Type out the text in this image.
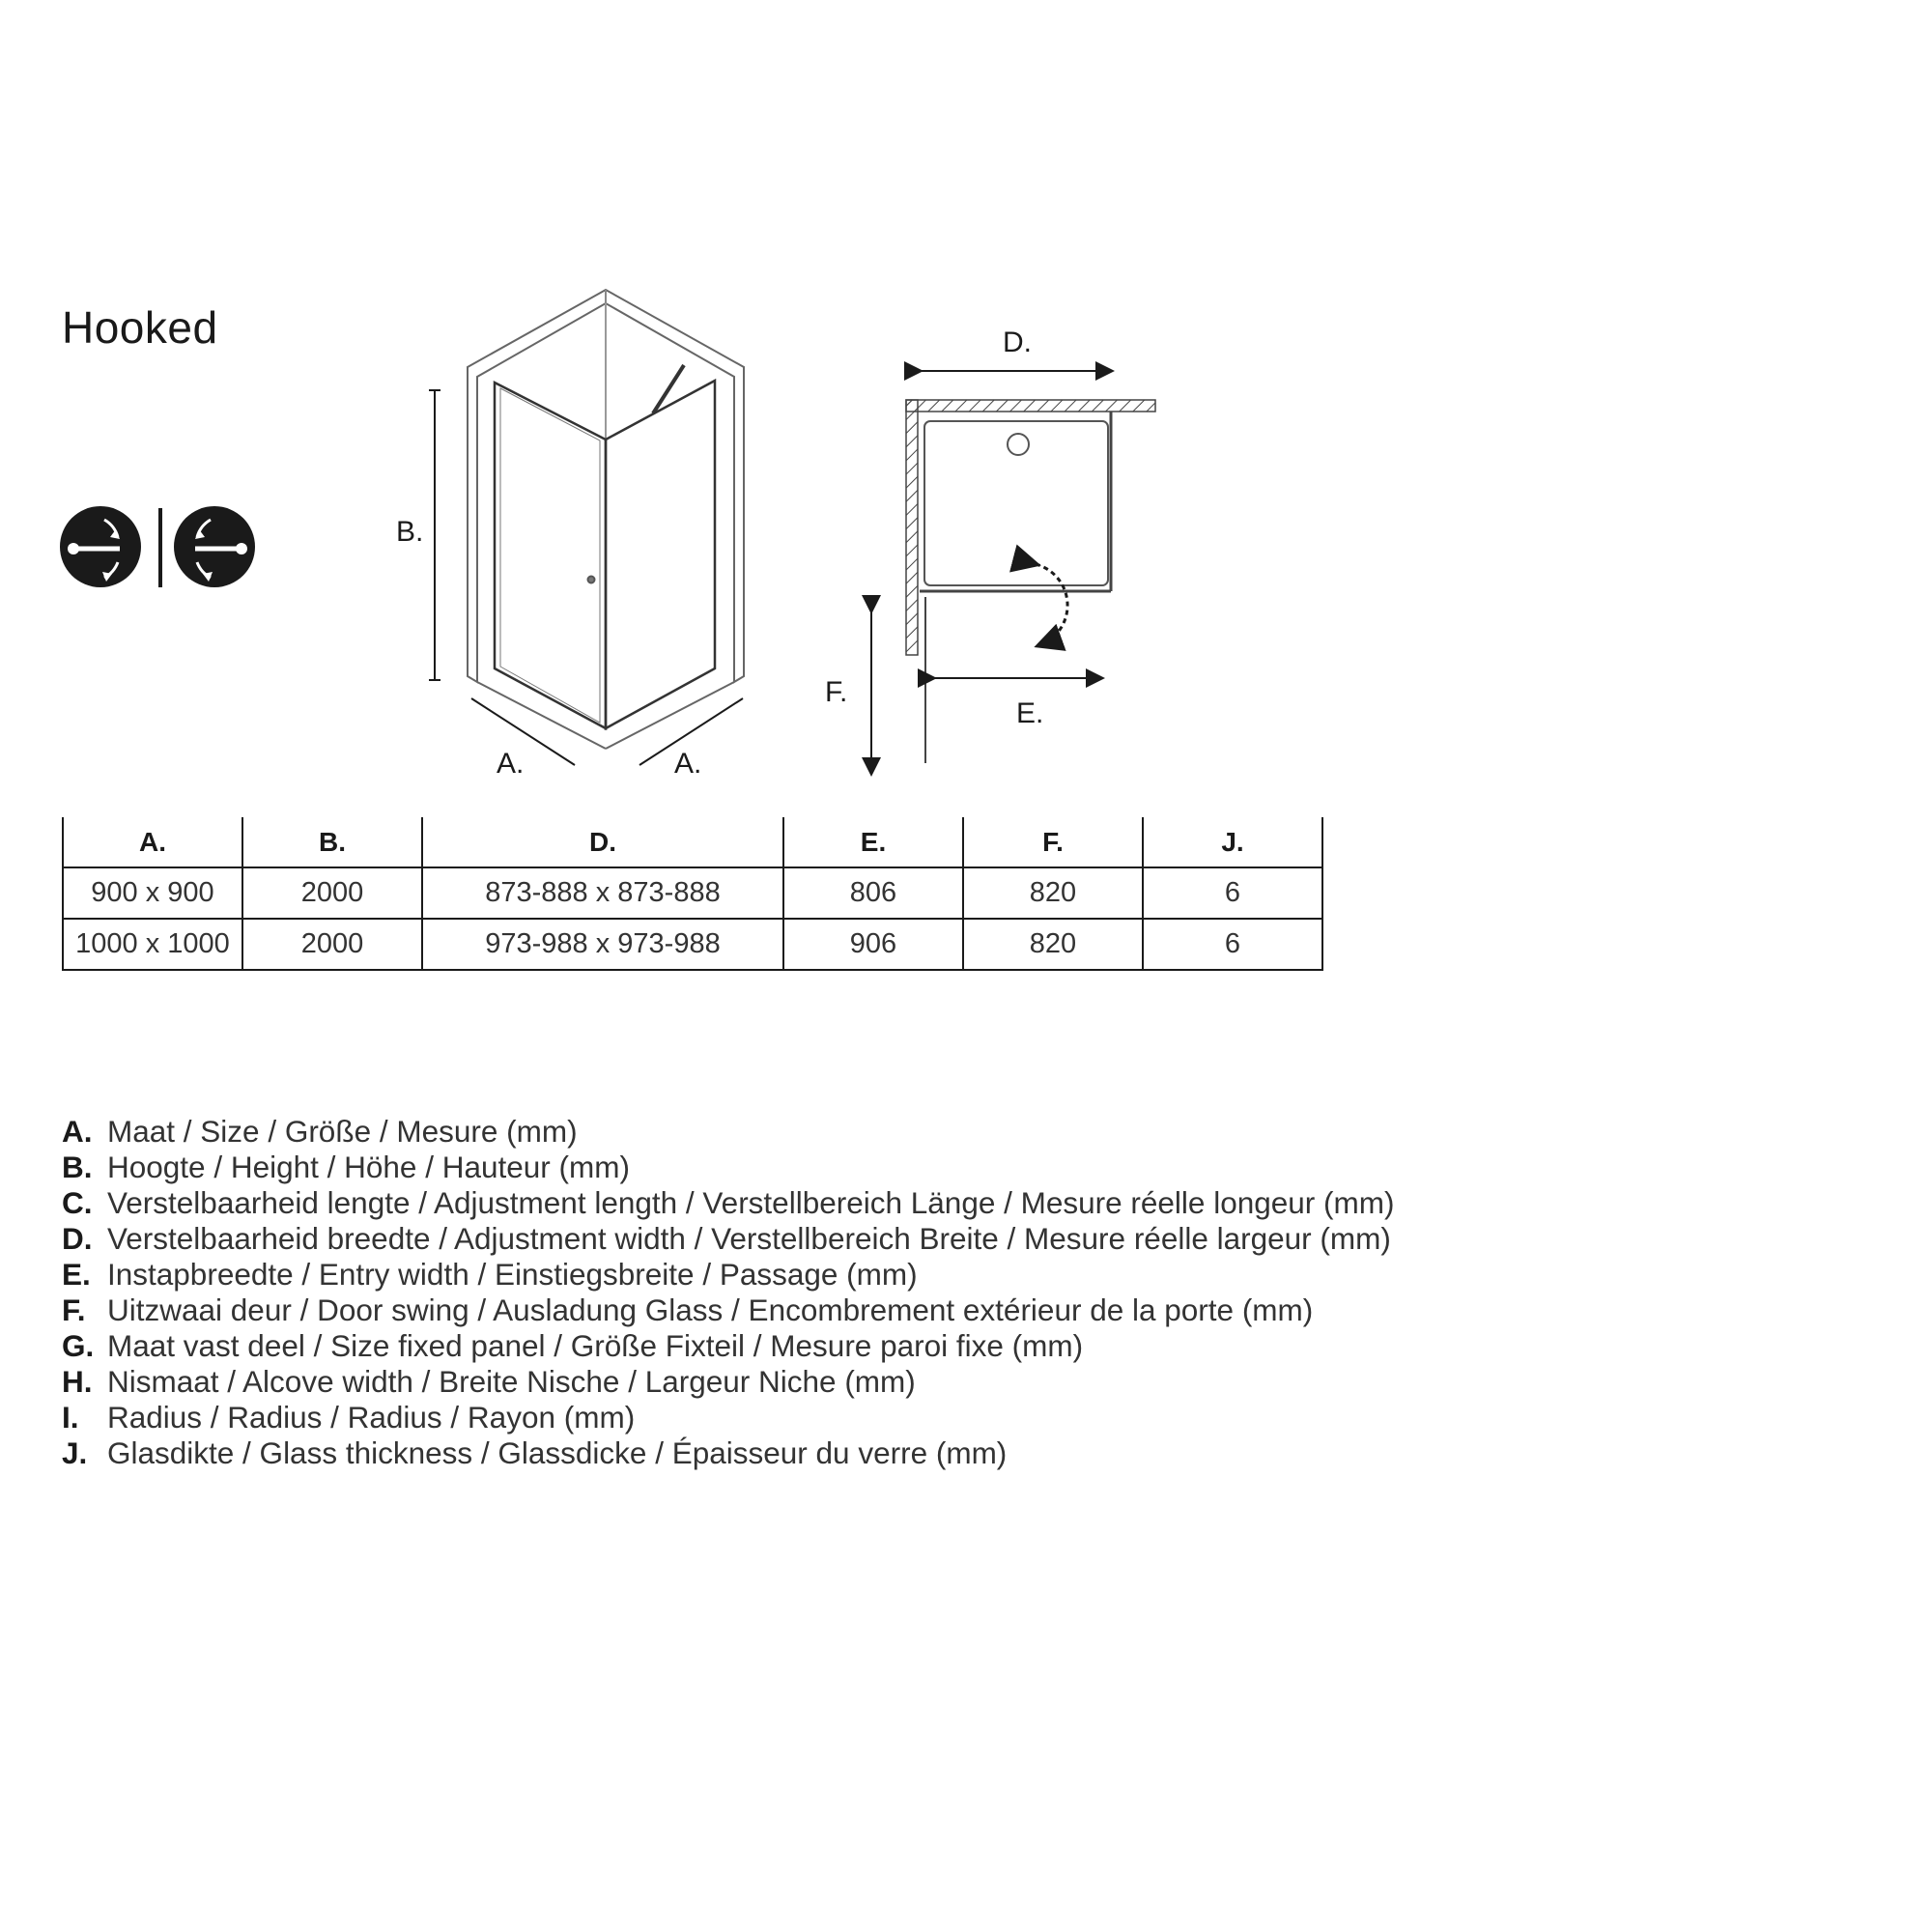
Hooked
B.
A.	A.
D.
E.
F.
A.	B.	D.	E.	F.	J.
900 x 900	2000	873-888 x 873-888	806	820	6
1000 x 1000	2000	973-988 x 973-988	906	820	6
A. Maat / Size / Größe / Mesure (mm)
B. Hoogte / Height / Höhe / Hauteur (mm)
C. Verstelbaarheid lengte / Adjustment length / Verstellbereich Länge / Mesure réelle longeur (mm)
D. Verstelbaarheid breedte / Adjustment width / Verstellbereich Breite / Mesure réelle largeur (mm)
E. Instapbreedte / Entry width / Einstiegsbreite / Passage (mm)
F. Uitzwaai deur / Door swing / Ausladung Glass / Encombrement extérieur de la porte (mm)
G. Maat vast deel / Size fixed panel / Größe Fixteil / Mesure paroi fixe (mm)
H. Nismaat / Alcove width / Breite Nische / Largeur Niche (mm)
I. Radius / Radius / Radius / Rayon (mm)
J. Glasdikte / Glass thickness / Glassdicke / Épaisseur du verre (mm)
